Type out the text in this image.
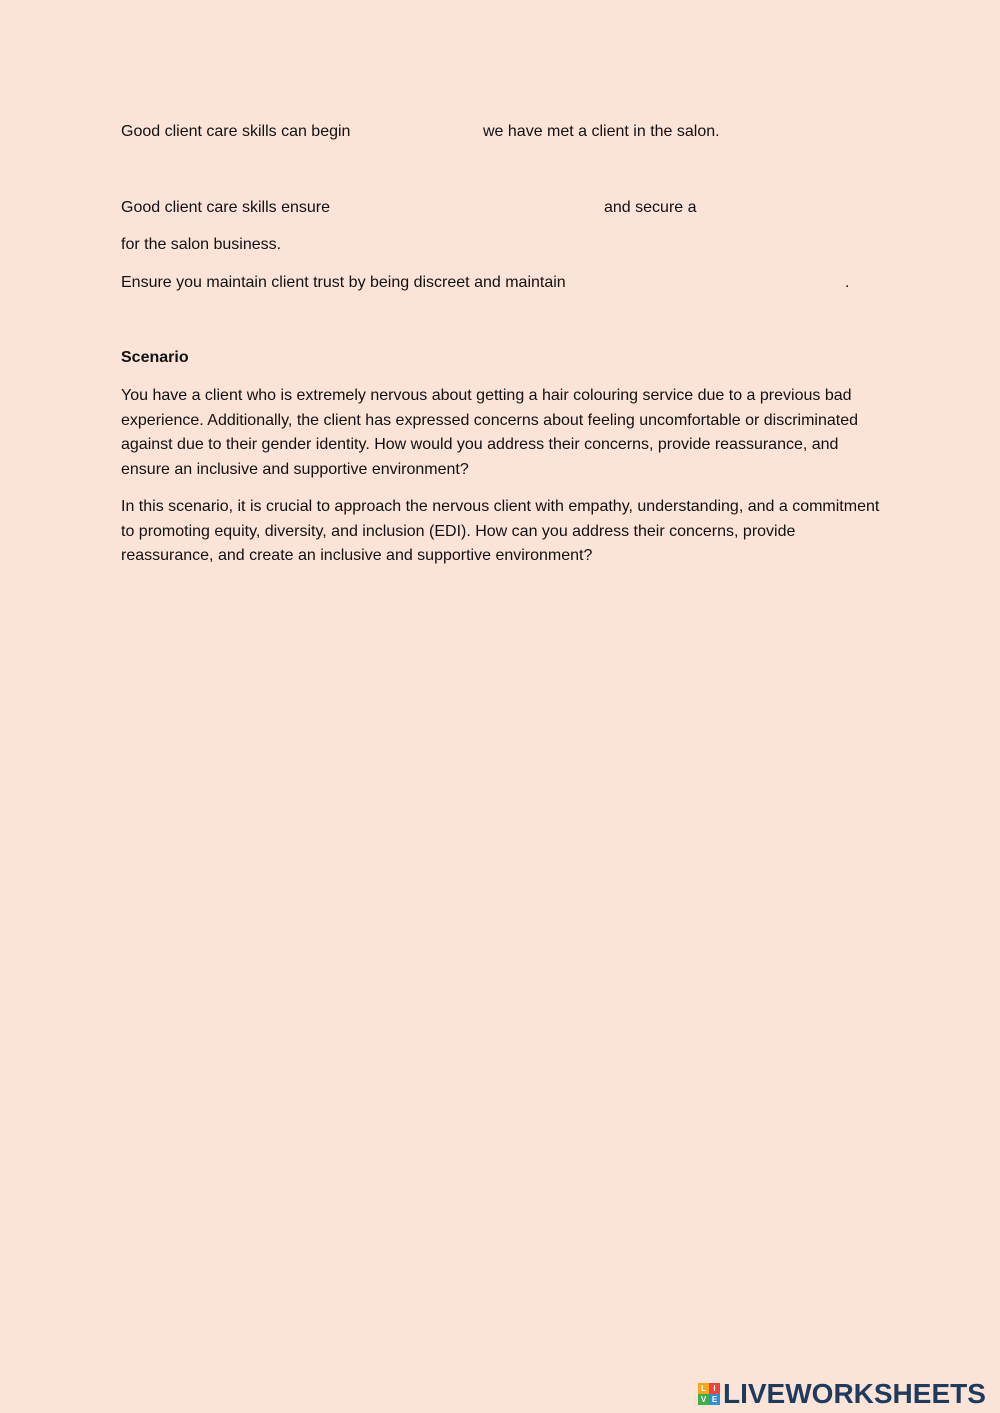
Good client care skills can begin	we have met a client in the salon.
Good client care skills ensure	and secure a
for the salon business.
Ensure you maintain client trust by being discreet and maintain	.
Scenario
You have a client who is extremely nervous about getting a hair colouring service due to a previous bad experience. Additionally, the client has expressed concerns about feeling uncomfortable or discriminated against due to their gender identity. How would you address their concerns, provide reassurance, and ensure an inclusive and supportive environment?
In this scenario, it is crucial to approach the nervous client with empathy, understanding, and a commitment to promoting equity, diversity, and inclusion (EDI). How can you address their concerns, provide reassurance, and create an inclusive and supportive environment?
L I
V E LIVEWORKSHEETS
